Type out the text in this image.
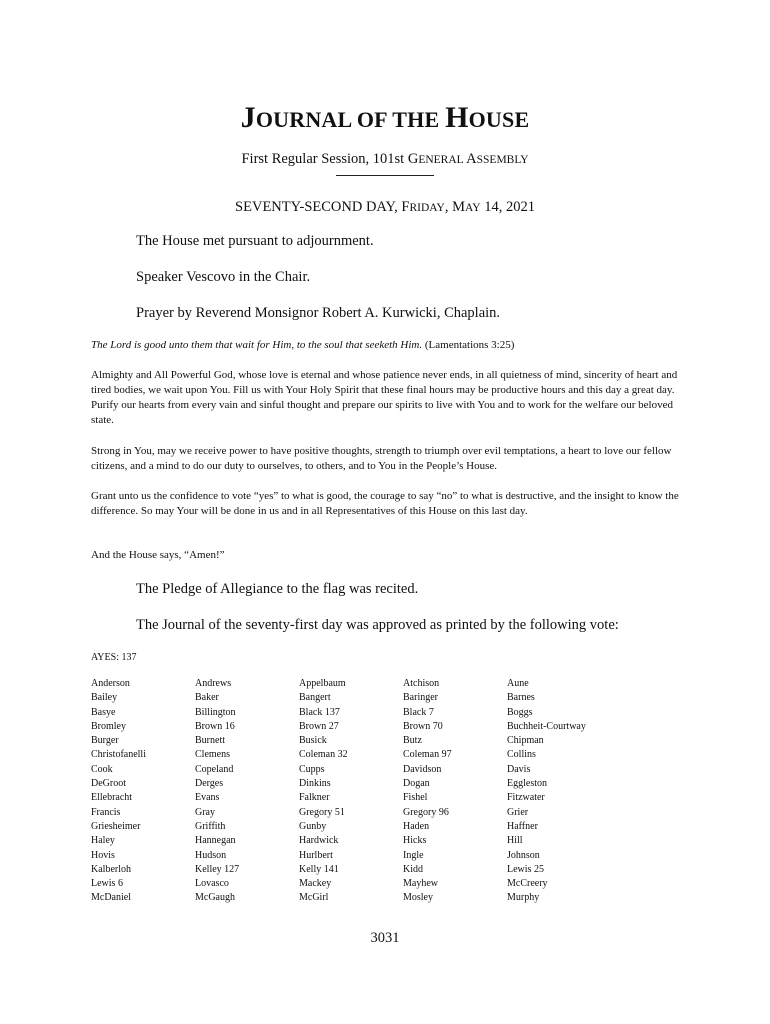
JOURNAL OF THE HOUSE
First Regular Session, 101st GENERAL ASSEMBLY
SEVENTY-SECOND DAY, FRIDAY, MAY 14, 2021
The House met pursuant to adjournment.
Speaker Vescovo in the Chair.
Prayer by Reverend Monsignor Robert A. Kurwicki, Chaplain.
The Lord is good unto them that wait for Him, to the soul that seeketh Him. (Lamentations 3:25)
Almighty and All Powerful God, whose love is eternal and whose patience never ends, in all quietness of mind, sincerity of heart and tired bodies, we wait upon You. Fill us with Your Holy Spirit that these final hours may be productive hours and this day a great day. Purify our hearts from every vain and sinful thought and prepare our spirits to live with You and to work for the welfare our beloved state.
Strong in You, may we receive power to have positive thoughts, strength to triumph over evil temptations, a heart to love our fellow citizens, and a mind to do our duty to ourselves, to others, and to You in the People’s House.
Grant unto us the confidence to vote “yes” to what is good, the courage to say “no” to what is destructive, and the insight to know the difference. So may Your will be done in us and in all Representatives of this House on this last day.
And the House says, “Amen!”
The Pledge of Allegiance to the flag was recited.
The Journal of the seventy-first day was approved as printed by the following vote:
AYES: 137
Anderson	Andrews	Appelbaum	Atchison	Aune
Bailey	Baker	Bangert	Baringer	Barnes
Basye	Billington	Black 137	Black 7	Boggs
Bromley	Brown 16	Brown 27	Brown 70	Buchheit-Courtway
Burger	Burnett	Busick	Butz	Chipman
Christofanelli	Clemens	Coleman 32	Coleman 97	Collins
Cook	Copeland	Cupps	Davidson	Davis
DeGroot	Derges	Dinkins	Dogan	Eggleston
Ellebracht	Evans	Falkner	Fishel	Fitzwater
Francis	Gray	Gregory 51	Gregory 96	Grier
Griesheimer	Griffith	Gunby	Haden	Haffner
Haley	Hannegan	Hardwick	Hicks	Hill
Hovis	Hudson	Hurlbert	Ingle	Johnson
Kalberloh	Kelley 127	Kelly 141	Kidd	Lewis 25
Lewis 6	Lovasco	Mackey	Mayhew	McCreery
McDaniel	McGaugh	McGirl	Mosley	Murphy
3031
